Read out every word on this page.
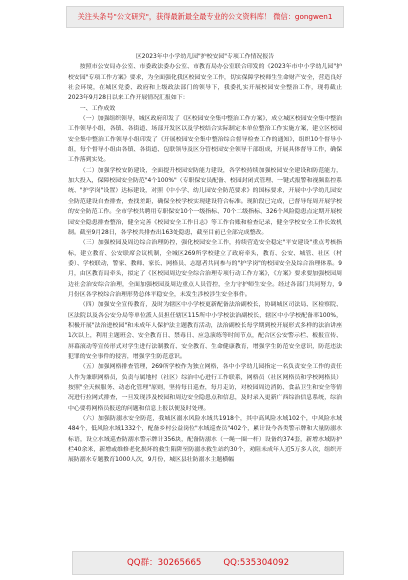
关注头条号"公文研究"，获得最新最全最专业的公文资料库！ 微信：gongwen1

区2023年中小学幼儿园"护校安园"专项工作情况报告

按照市公安局办公室、市委政法委办公室、市教育局办公室联合印发的《2023年市中小学幼儿园"护校安园"专项工作方案》要求，为全面强化我区校园安全工作，切实保障学校师生生命财产安全，营造良好社会环境，在城区党委、政府和上级政法部门的领导下，我委扎实开展校园安全整治工作，现将截止2023年9月28日以来工作开展情况汇报如下：

一、工作成效

（一）加强组织领导，城区政府印发了《区校园安全集中整治工作方案》，成立城区校园安全集中整治工作领导小组，各镇、各街道、场部开发区以及学校结合实际制定本单位整治工作实施方案，建立区校园安全集中整治工作领导小组印发了《开展校园安全集中整治综合督导检查工作的通知》，组织10个督导小组，每个督导小组由各镇、各街道、包联领导及区分管校园安全领导干部组成，开展具体督导工作，确保工作落到实处。

（二）加强学校安防建设，全面提升校园安防能力建设，各学校持续加强校园安全建设和防范能力，加大投入，保障校园安全防范"4个100%"（专职保安员配备、校园封闭式管理、一键式报警和视频监控系统、"护学岗"设置）达标建设，对照《中小学、幼儿园安全防范要求》的国标要求，开展中小学幼儿园安全防范建设自查排查，查找差距，确保全校学校实现建设符合标准。现阶段已完成，已督导每周开展学校的安全防范工作。全市学校共聘用专职保安10个一级指标、70个二级指标、326个风险隐患点定期开展校园安全隐患排查整治，健全完善《校园安全工作日志》等工作台账和检查记录，健全学校安全工作长效机制。截至9月28日，各学校共排查出163处隐患，截至目前已全部完成整改。

（三）加强校园及周边综合治理防控，强化校园安全工作，持续营造安全稳定"平安建设"重点考核指标，建立教育、公安联席会议机制，全城区269所学校建立了政府牵头，教育、公安、城管、社区（村委）、学校联动，警家、教师、家长、网格员、志愿者共同参与的"护学岗"的校园安全及综合治理体系。9月，由区教育局牵头，拟定了《区校园周边安全综合治理专项行动工作方案》，《方案》要求要加强校园周边社会治安综合治理，全面加强校园及周边重点人员管控，全力守护师生安全。经过各部门共同努力，9月份区各学校综合治理形势总体平稳安全，未发生涉校涉生安全事件。

（四）加强安全宣传教育，及时为辖区中小学校更新配备法治副校长，协调城区司法局、区检察院、区法院以及各公安分局等单位派人员担任辖区115所中小学校法治副校长，辖区中小学校配备率100%，积极开展"法治进校园"和未成年人保护法主题教育活动，法治副校长每学期到校开展形式多样的法治讲座1次以上，利用主题班会、安全教育日、禁毒日、应急演练等时间节点，配合区公安警示栏、板报宣传、屏幕滚动等宣传形式对学生进行法制教育、安全教育、生命健康教育，增强学生防范安全意识，防范违法犯罪的安全事件的侵害，增强学生防范意识。

（五）加强网格排查管理，269所学校作为独立网格，各中小学幼儿园指定一名负责安全工作的责任人作为兼职网格员，负责与属地村（社区）综治中心进行工作联系，网格员（社区网格员和学校网格员）按照"全天候服务、动态化管理"原则，坚持每日巡查，每月走访，对校园周边消防、食品卫生和安全等情况进行拉网式排查，一旦发现涉及校园和周边安全隐患点和信息，及时录入更新广西综治信息系统，综治中心要将网格员报送的问题和信息上报以便及时处理。

（六）加强防溺水安全防范，我城区溺水风险水域共1918个，其中高风险水域102个，中风险水域484个，低风险水域1332个，配备乡村公益岗位"水域巡查员"402个，累计设今各类警示牌和大量防溺水标语，设立水域巡查防溺水警示牌计356块，配备防溺水（一绳一圈一杆）设备约374套，新增水域防护栏40余米，新增或维修老化损坏的救生陷阱至防溺水救生站约30个，劝阻未成年人近5万多人次，组织开展防溺水专题教育1000人次，9月份，城区县壮防溺水主题横幅

QQ群：30265665	QQ:535304092
